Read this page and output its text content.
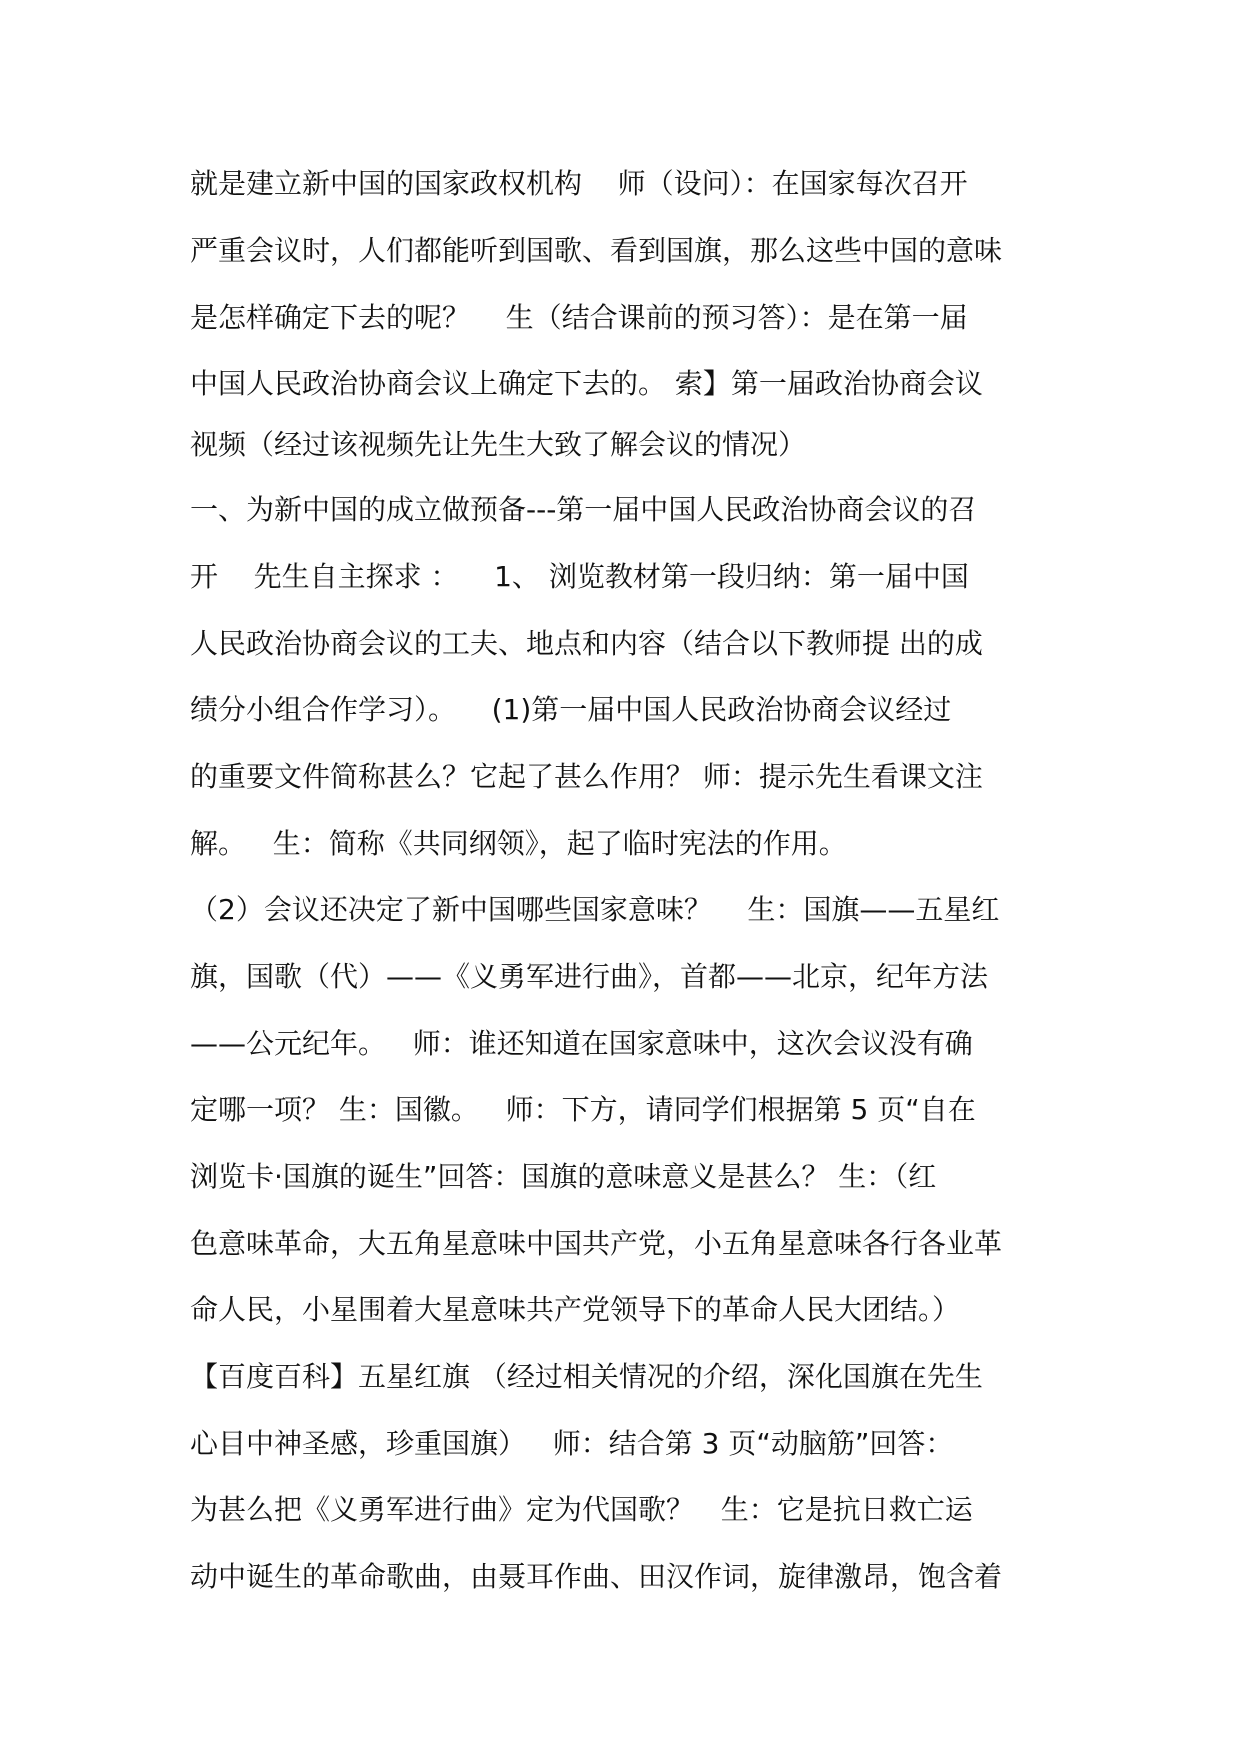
就是建立新中国的国家政权机构    师（设问）：在国家每次召开
严重会议时，人们都能听到国歌、看到国旗，那么这些中国的意味
是怎样确定下去的呢？    生（结合课前的预习答）：是在第一届
中国人民政治协商会议上确定下去的。 索】第一届政治协商会议
视频（经过该视频先让先生大致了解会议的情况）
一、为新中国的成立做预备---第一届中国人民政治协商会议的召
开    先生自主探求 ：    1、 浏览教材第一段归纳：第一届中国
人民政治协商会议的工夫、地点和内容（结合以下教师提 出的成
绩分小组合作学习）。    (1)第一届中国人民政治协商会议经过
的重要文件简称甚么？它起了甚么作用？ 师：提示先生看课文注
解。   生：简称《共同纲领》，起了临时宪法的作用。
（2）会议还决定了新中国哪些国家意味？    生：国旗——五星红
旗，国歌（代）——《义勇军进行曲》，首都——北京，纪年方法
——公元纪年。   师：谁还知道在国家意味中，这次会议没有确
定哪一项？ 生：国徽。   师：下方，请同学们根据第 5 页“自在
浏览卡·国旗的诞生”回答：国旗的意味意义是甚么？ 生：（红
色意味革命，大五角星意味中国共产党，小五角星意味各行各业革
命人民，小星围着大星意味共产党领导下的革命人民大团结。）
【百度百科】五星红旗 （经过相关情况的介绍，深化国旗在先生
心目中神圣感，珍重国旗）   师：结合第 3 页“动脑筋”回答：
为甚么把《义勇军进行曲》定为代国歌？   生：它是抗日救亡运
动中诞生的革命歌曲，由聂耳作曲、田汉作词，旋律激昂，饱含着
